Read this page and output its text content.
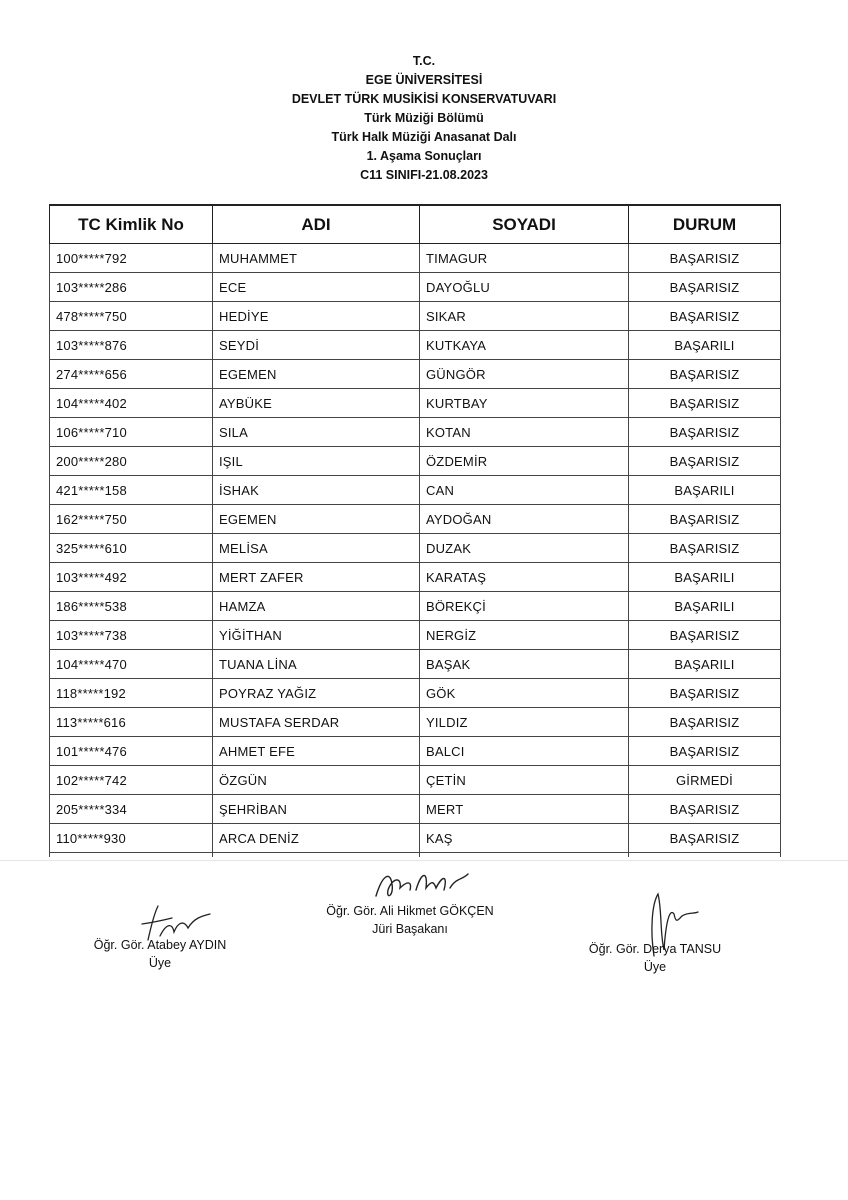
T.C.
EGE ÜNİVERSİTESİ
DEVLET TÜRK MUSİKİSİ KONSERVATUVARI
Türk Müziği Bölümü
Türk Halk Müziği Anasanat Dalı
1. Aşama Sonuçları
C11 SINIFI-21.08.2023
TC Kimlik No	ADI	SOYADI	DURUM
100*****792	MUHAMMET	TIMAGUR	BAŞARISIZ
103*****286	ECE	DAYOĞLU	BAŞARISIZ
478*****750	HEDİYE	SIKAR	BAŞARISIZ
103*****876	SEYDİ	KUTKAYA	BAŞARILI
274*****656	EGEMEN	GÜNGÖR	BAŞARISIZ
104*****402	AYBÜKE	KURTBAY	BAŞARISIZ
106*****710	SILA	KOTAN	BAŞARISIZ
200*****280	IŞIL	ÖZDEMİR	BAŞARISIZ
421*****158	İSHAK	CAN	BAŞARILI
162*****750	EGEMEN	AYDOĞAN	BAŞARISIZ
325*****610	MELİSA	DUZAK	BAŞARISIZ
103*****492	MERT ZAFER	KARATAŞ	BAŞARILI
186*****538	HAMZA	BÖREKÇİ	BAŞARILI
103*****738	YİĞİTHAN	NERGİZ	BAŞARISIZ
104*****470	TUANA LİNA	BAŞAK	BAŞARILI
118*****192	POYRAZ YAĞIZ	GÖK	BAŞARISIZ
113*****616	MUSTAFA SERDAR	YILDIZ	BAŞARISIZ
101*****476	AHMET EFE	BALCI	BAŞARISIZ
102*****742	ÖZGÜN	ÇETİN	GİRMEDİ
205*****334	ŞEHRİBAN	MERT	BAŞARISIZ
110*****930	ARCA DENİZ	KAŞ	BAŞARISIZ

Öğr. Gör. Ali Hikmet GÖKÇEN
Jüri Başakanı
Öğr. Gör. Atabey AYDIN
Üye
Öğr. Gör. Derya TANSU
Üye
